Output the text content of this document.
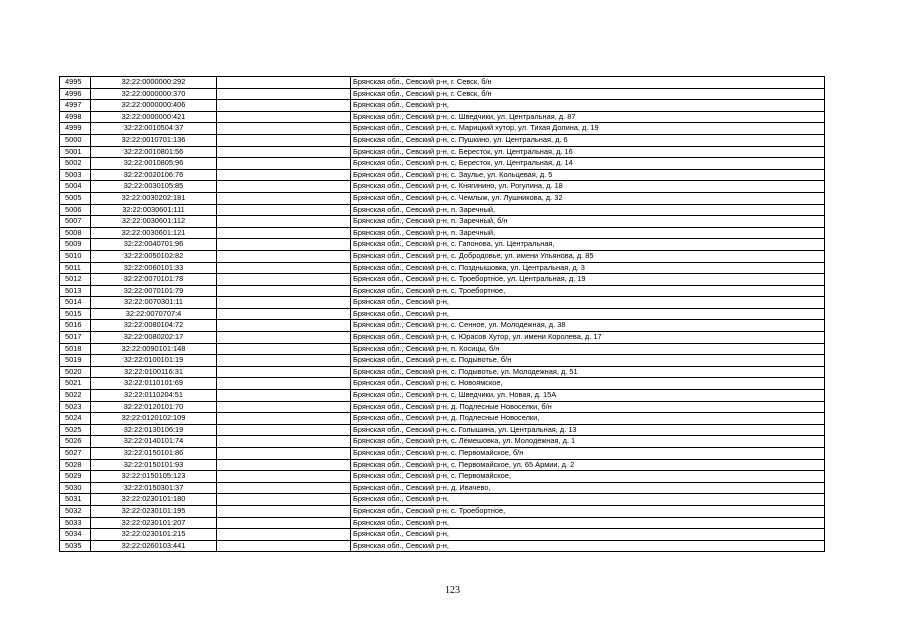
4995	32:22:0000000:292		Брянская обл., Севский р-н, г. Севск, б/н
4996	32:22:0000000:370		Брянская обл., Севский р-н, г. Севск, б/н
4997	32:22:0000000:406		Брянская обл., Севский р-н,
4998	32:22:0000000:421		Брянская обл., Севский р-н, с. Шведчики, ул. Центральная, д. 87
4999	32:22:0010504:37		Брянская обл., Севский р-н, с. Марицкий хутор, ул. Тихая Долина, д. 19
5000	32:22:0010701:136		Брянская обл., Севский р-н, с. Пушкино, ул. Центральная, д. 6
5001	32:22:0010801:56		Брянская обл., Севский р-н, с. Бересток, ул. Центральная, д. 16
5002	32:22:0010805:96		Брянская обл., Севский р-н, с. Бересток, ул. Центральная, д. 14
5003	32:22:0020106:76		Брянская обл., Севский р-н, с. Заулье, ул. Кольцевая, д. 5
5004	32:22:0030105:85		Брянская обл., Севский р-н, с. Княгинино, ул. Рогулина, д. 18
5005	32:22:0030202:181		Брянская обл., Севский р-н, с. Чемлыж, ул. Лушникова, д. 32
5006	32:22:0030601:111		Брянская обл., Севский р-н, п. Заречный,
5007	32:22:0030601:112		Брянская обл., Севский р-н, п. Заречный, б/н
5008	32:22:0030601:121		Брянская обл., Севский р-н, п. Заречный,
5009	32:22:0040701:96		Брянская обл., Севский р-н, с. Гапонова, ул. Центральная,
5010	32:22:0050102:82		Брянская обл., Севский р-н, с. Добродовье, ул. имени Ульянова, д. 85
5011	32:22:0060101:33		Брянская обл., Севский р-н, с. Позднышовка, ул. Центральная, д. 3
5012	32:22:0070101:78		Брянская обл., Севский р-н, с. Троебортное, ул. Центральная, д. 19
5013	32:22:0070101:79		Брянская обл., Севский р-н, с. Троебортное,
5014	32:22:0070301:11		Брянская обл., Севский р-н,
5015	32:22:0070707:4		Брянская обл., Севский р-н,
5016	32:22:0080104:72		Брянская обл., Севский р-н, с. Сенное, ул. Молодежная, д. 38
5017	32:22:0080202:17		Брянская обл., Севский р-н, с. Юрасов Хутор, ул. имени Королева, д. 17
5018	32:22:0090101:148		Брянская обл., Севский р-н, п. Косицы, б/н
5019	32:22:0100101:19		Брянская обл., Севский р-н, с. Подывотье, б/н
5020	32:22:0100116:31		Брянская обл., Севский р-н, с. Подывотье, ул. Молодежная, д. 51
5021	32:22:0110101:69		Брянская обл., Севский р-н, с. Новоямское,
5022	32:22:0110204:51		Брянская обл., Севский р-н, с. Шведчики, ул. Новая, д. 15А
5023	32:22:0120101:70		Брянская обл., Севский р-н, д. Подлесные Новоселки, б/н
5024	32:22:0120102:109		Брянская обл., Севский р-н, д. Подлесные Новоселки,
5025	32:22:0130106:19		Брянская обл., Севский р-н, с. Голышина, ул. Центральная, д. 13
5026	32:22:0140101:74		Брянская обл., Севский р-н, с. Лемешовка, ул. Молодежная, д. 1
5027	32:22:0150101:86		Брянская обл., Севский р-н, с. Первомайское, б/н
5028	32:22:0150101:93		Брянская обл., Севский р-н, с. Первомайское, ул. 65 Армии, д. 2
5029	32:22:0150105:123		Брянская обл., Севский р-н, с. Первомайское,
5030	32:22:0150301:37		Брянская обл., Севский р-н, д. Ивачево,
5031	32:22:0230101:180		Брянская обл., Севский р-н,
5032	32:22:0230101:195		Брянская обл., Севский р-н, с. Троебортное,
5033	32:22:0230101:207		Брянская обл., Севский р-н,
5034	32:22:0230101:215		Брянская обл., Севский р-н,
5035	32:22:0260103:441		Брянская обл., Севский р-н,
123
